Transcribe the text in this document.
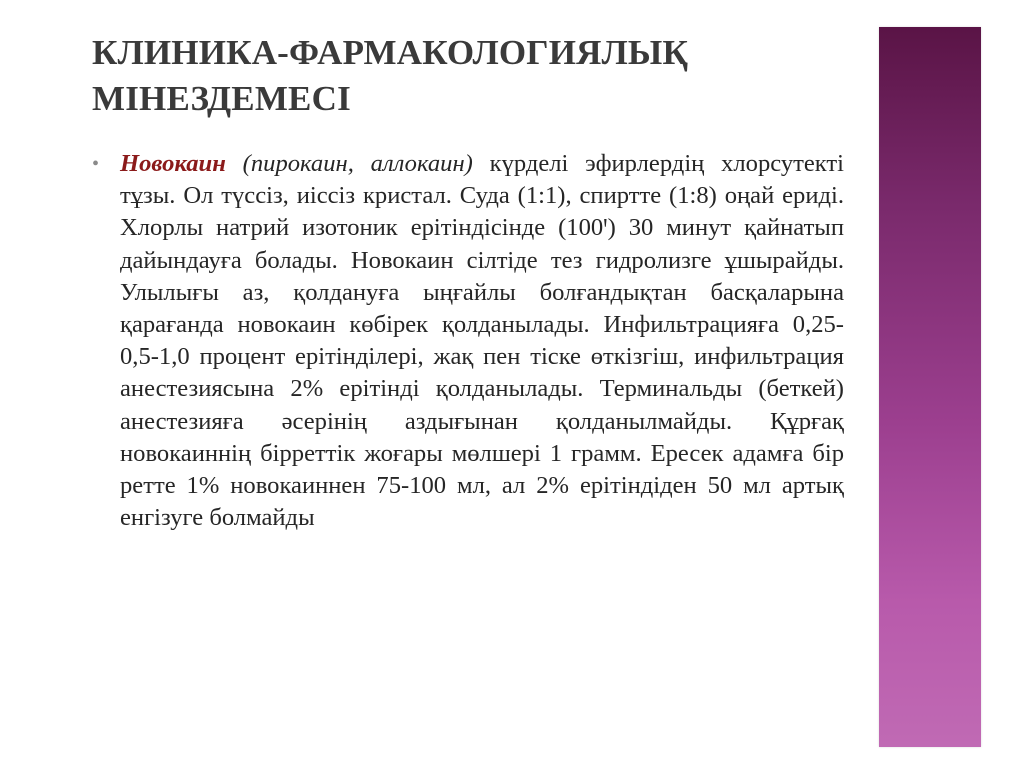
КЛИНИКА-ФАРМАКОЛОГИЯЛЫҚ
МІНЕЗДЕМЕСІ
• Новокаин (пирокаин, аллокаин) күрделі эфирлердің хлорсутекті тұзы. Ол түссіз, иіссіз кристал. Суда (1:1), спиртте (1:8) оңай ериді. Хлорлы натрий изотоник ерітіндісінде (100ꞌ) 30 минут қайнатып дайындауға болады. Новокаин сілтіде тез гидролизге ұшырайды. Улылығы аз, қолдануға ыңғайлы болғандықтан басқаларына қарағанда новокаин көбірек қолданылады. Инфильтрацияға 0,25-0,5-1,0 процент ерітінділері, жақ пен тіске өткізгіш, инфильтрация анестезиясына 2% ерітінді қолданылады. Терминальды (беткей) анестезияға әсерінің аздығынан қолданылмайды. Құрғақ новокаиннің бірреттік жоғары мөлшері 1 грамм. Ересек адамға бір ретте 1% новокаиннен 75-100 мл, ал 2% ерітіндіден 50 мл артық енгізуге болмайды
